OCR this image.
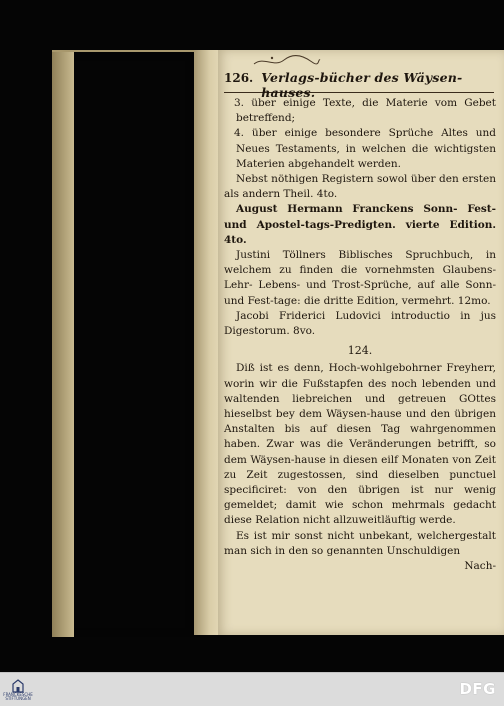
126. Verlags-bücher des Wäysen-hauses.

3. über einige Texte, die Materie vom Gebet betreffend;

4. über einige besondere Sprüche Altes und Neues Testaments, in welchen die wichtigsten Materien abgehandelt werden.

Nebst nöthigen Registern sowol über den ersten als andern Theil. 4to.

August Hermann Franckens Sonn- Fest- und Apostel-tags-Predigten. vierte Edition. 4to.

Justini Töllners Biblisches Spruchbuch, in welchem zu finden die vornehmsten Glaubens- Lehr- Lebens- und Trost-Sprüche, auf alle Sonn- und Fest-tage: die dritte Edition, vermehrt. 12mo.

Jacobi Friderici Ludovici introductio in jus Digestorum. 8vo.

124.

Diß ist es denn, Hoch-wohlgebohrner Freyherr, worin wir die Fußstapfen des noch lebenden und waltenden liebreichen und getreuen GOttes hieselbst bey dem Wäysen-hause und den übrigen Anstalten bis auf diesen Tag wahrgenommen haben. Zwar was die Veränderungen betrifft, so dem Wäysen-hause in diesen eilf Monaten von Zeit zu Zeit zugestossen, sind dieselben punctuel specificiret: von den übrigen ist nur wenig gemeldet; damit wie schon mehrmals gedacht diese Relation nicht allzuweitläuftig werde.

Es ist mir sonst nicht unbekant, welchergestalt man sich in den so genannten Unschuldigen

Nach-

FRANCKESCHE STIFTUNGEN
DFG
